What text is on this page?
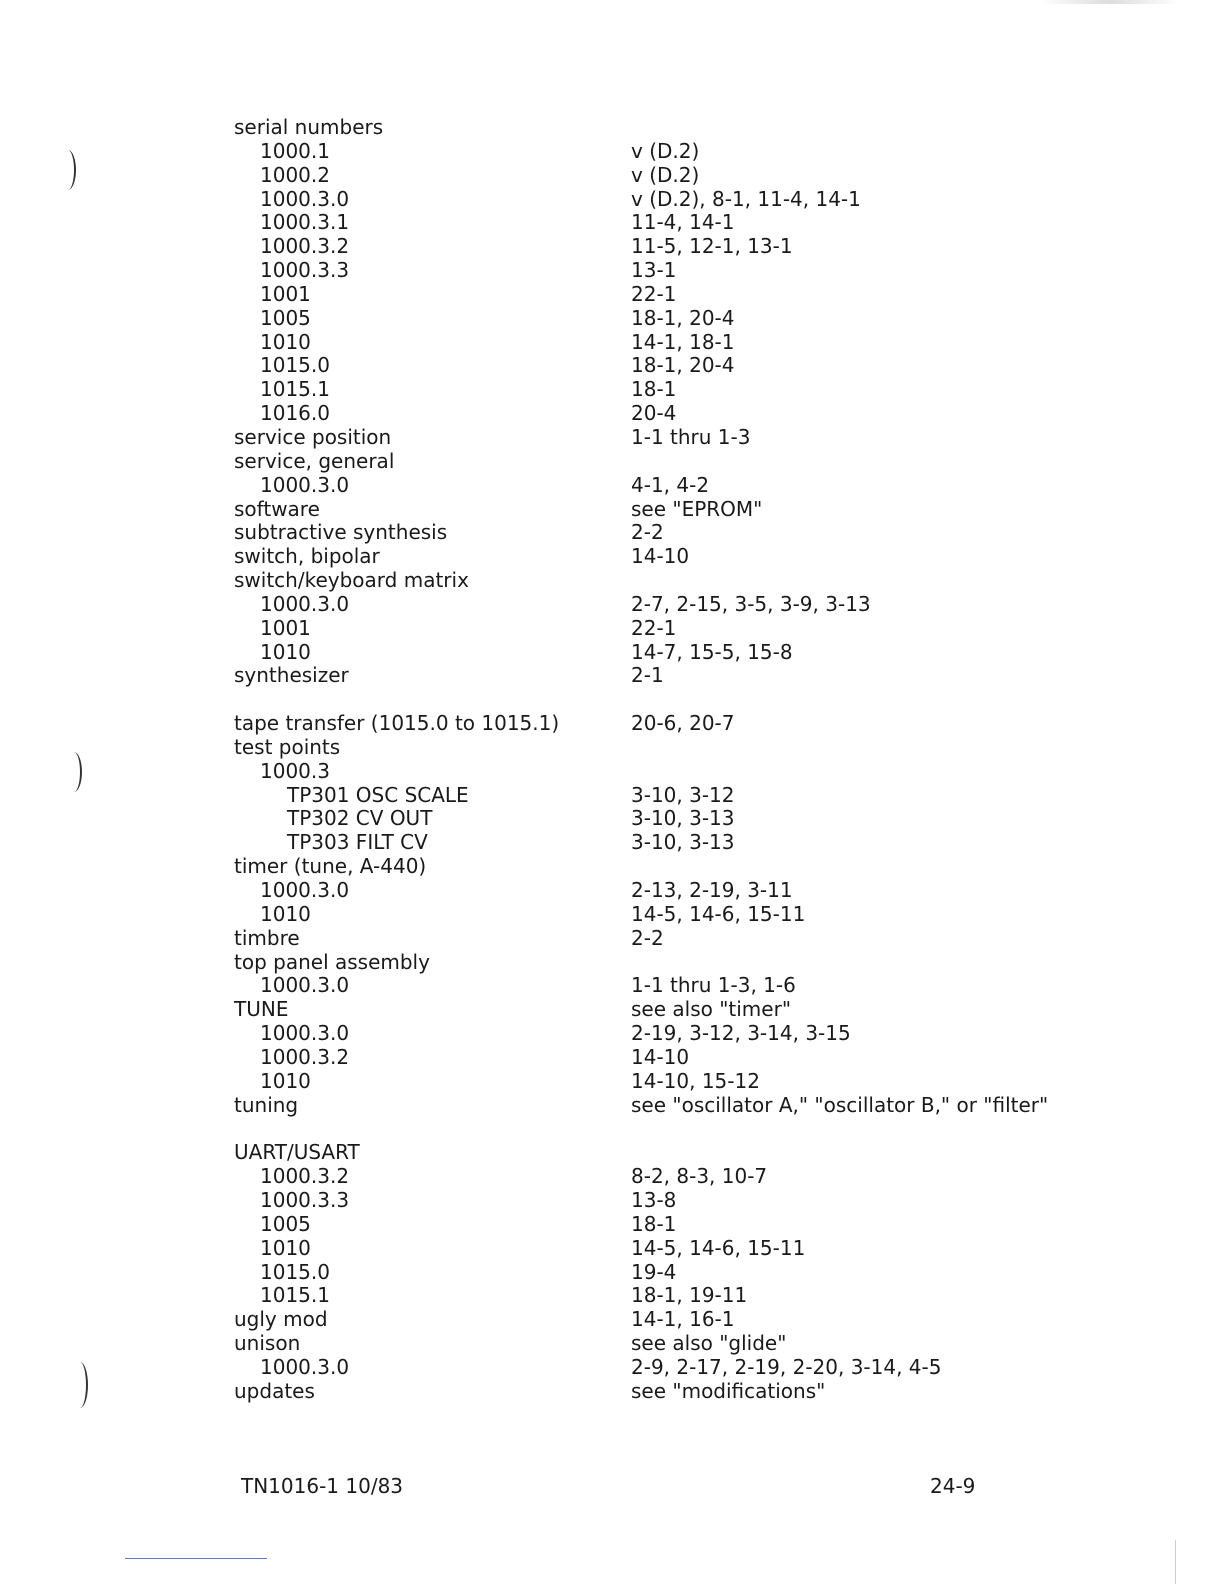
serial numbers
1000.1	v (D.2)
1000.2	v (D.2)
1000.3.0	v (D.2), 8-1, 11-4, 14-1
1000.3.1	11-4, 14-1
1000.3.2	11-5, 12-1, 13-1
1000.3.3	13-1
1001	22-1
1005	18-1, 20-4
1010	14-1, 18-1
1015.0	18-1, 20-4
1015.1	18-1
1016.0	20-4
service position	1-1 thru 1-3
service, general
1000.3.0	4-1, 4-2
software	see "EPROM"
subtractive synthesis	2-2
switch, bipolar	14-10
switch/keyboard matrix
1000.3.0	2-7, 2-15, 3-5, 3-9, 3-13
1001	22-1
1010	14-7, 15-5, 15-8
synthesizer	2-1
tape transfer (1015.0 to 1015.1)	20-6, 20-7
test points
1000.3
TP301 OSC SCALE	3-10, 3-12
TP302 CV OUT	3-10, 3-13
TP303 FILT CV	3-10, 3-13
timer (tune, A-440)
1000.3.0	2-13, 2-19, 3-11
1010	14-5, 14-6, 15-11
timbre	2-2
top panel assembly
1000.3.0	1-1 thru 1-3, 1-6
TUNE	see also "timer"
1000.3.0	2-19, 3-12, 3-14, 3-15
1000.3.2	14-10
1010	14-10, 15-12
tuning	see "oscillator A," "oscillator B," or "filter"
UART/USART
1000.3.2	8-2, 8-3, 10-7
1000.3.3	13-8
1005	18-1
1010	14-5, 14-6, 15-11
1015.0	19-4
1015.1	18-1, 19-11
ugly mod	14-1, 16-1
unison	see also "glide"
1000.3.0	2-9, 2-17, 2-19, 2-20, 3-14, 4-5
updates	see "modifications"
TN1016-1 10/83	24-9
